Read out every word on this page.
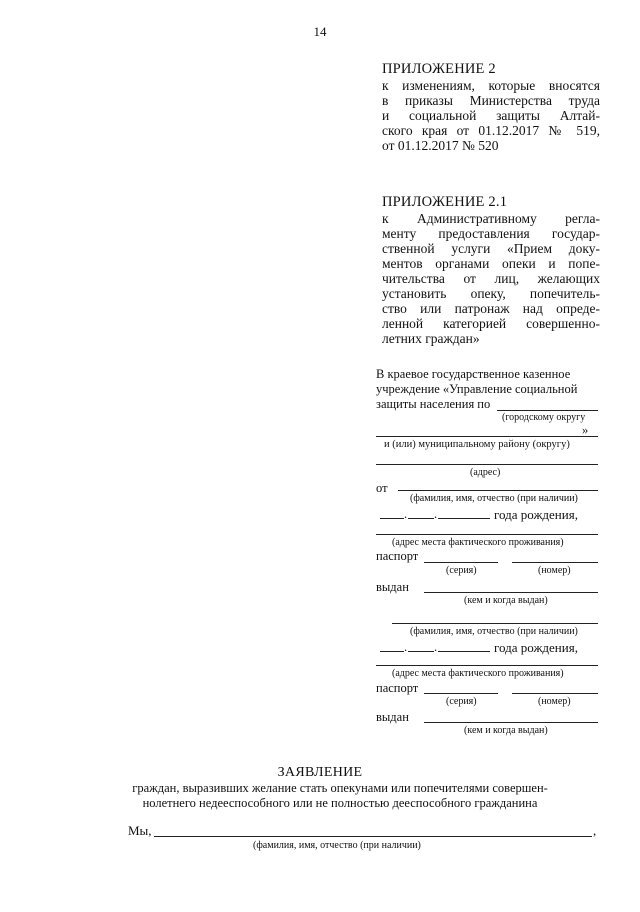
14
ПРИЛОЖЕНИЕ 2
к изменениям, которые вносятся
в приказы Министерства труда
и социальной защиты Алтай-
ского края от 01.12.2017 № 519,
от 01.12.2017 № 520
ПРИЛОЖЕНИЕ 2.1
к Административному регла-
менту предоставления государ-
ственной услуги «Прием доку-
ментов органами опеки и попе-
чительства от лиц, желающих
установить опеку, попечитель-
ство или патронаж над опреде-
ленной категорией совершенно-
летних граждан»
В краевое государственное казенное
учреждение «Управление социальной
защиты населения по
(городскому округу
»
и (или) муниципальному району (округу)
(адрес)
от
(фамилия, имя, отчество (при наличии)
. .	года рождения,
(адрес места фактического проживания)
паспорт
(серия)	(номер)
выдан
(кем и когда выдан)
(фамилия, имя, отчество (при наличии)
. .	года рождения,
(адрес места фактического проживания)
паспорт
(серия)	(номер)
выдан
(кем и когда выдан)
ЗАЯВЛЕНИЕ
граждан, выразивших желание стать опекунами или попечителями совершен-
нолетнего недееспособного или не полностью дееспособного гражданина
Мы,	,
(фамилия, имя, отчество (при наличии)
